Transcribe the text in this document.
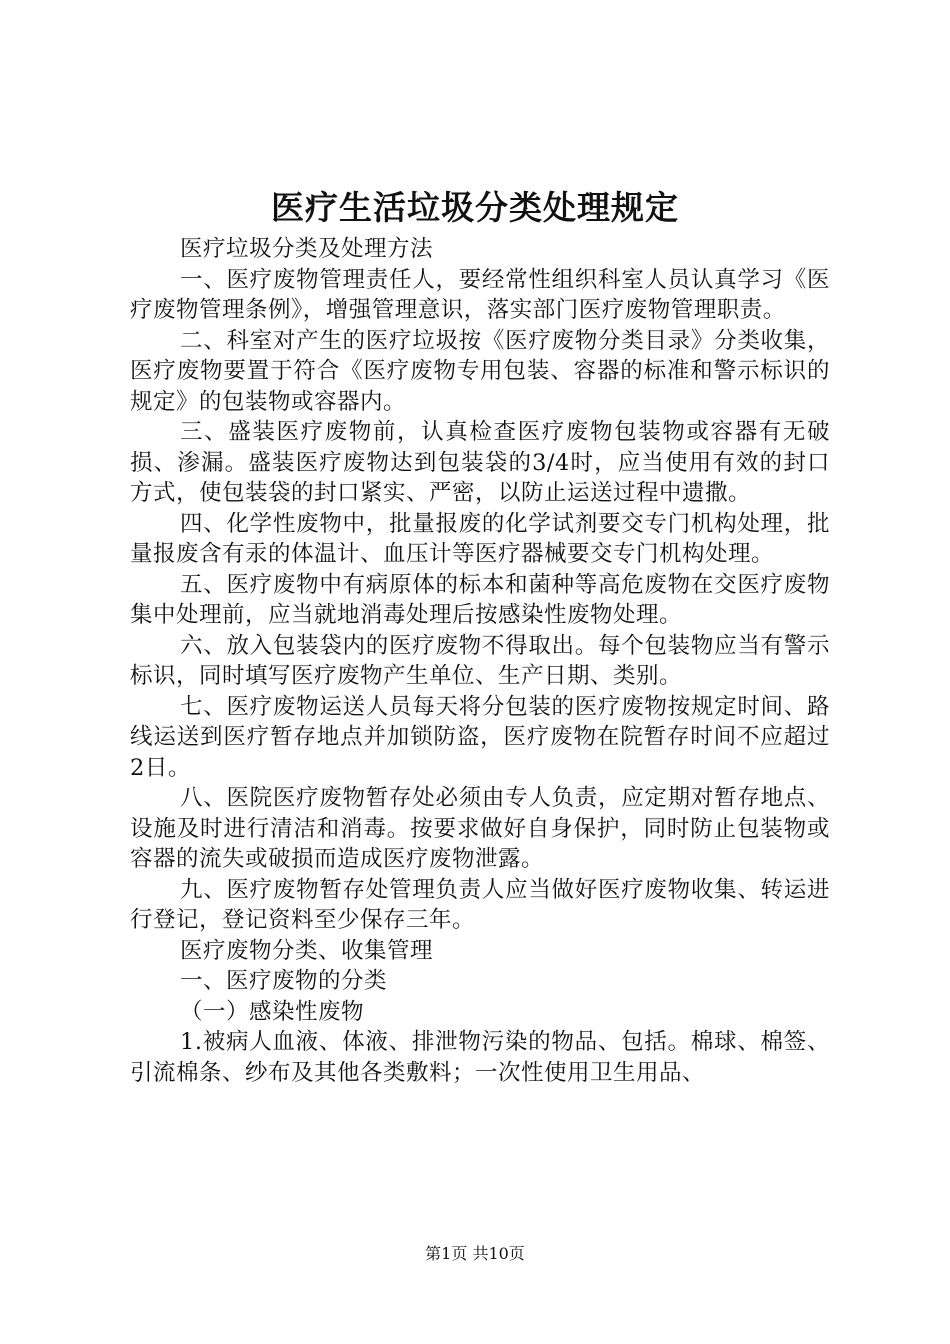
医疗生活垃圾分类处理规定

医疗垃圾分类及处理方法

一、医疗废物管理责任人，要经常性组织科室人员认真学习《医疗废物管理条例》，增强管理意识，落实部门医疗废物管理职责。

二、科室对产生的医疗垃圾按《医疗废物分类目录》分类收集，医疗废物要置于符合《医疗废物专用包装、容器的标准和警示标识的规定》的包装物或容器内。

三、盛装医疗废物前，认真检查医疗废物包装物或容器有无破损、渗漏。盛装医疗废物达到包装袋的3/4时，应当使用有效的封口方式，使包装袋的封口紧实、严密，以防止运送过程中遗撒。

四、化学性废物中，批量报废的化学试剂要交专门机构处理，批量报废含有汞的体温计、血压计等医疗器械要交专门机构处理。

五、医疗废物中有病原体的标本和菌种等高危废物在交医疗废物集中处理前，应当就地消毒处理后按感染性废物处理。

六、放入包装袋内的医疗废物不得取出。每个包装物应当有警示标识，同时填写医疗废物产生单位、生产日期、类别。

七、医疗废物运送人员每天将分包装的医疗废物按规定时间、路线运送到医疗暂存地点并加锁防盗，医疗废物在院暂存时间不应超过2日。

八、医院医疗废物暂存处必须由专人负责，应定期对暂存地点、设施及时进行清洁和消毒。按要求做好自身保护，同时防止包装物或容器的流失或破损而造成医疗废物泄露。

九、医疗废物暂存处管理负责人应当做好医疗废物收集、转运进行登记，登记资料至少保存三年。

医疗废物分类、收集管理

一、医疗废物的分类

（一）感染性废物

1.被病人血液、体液、排泄物污染的物品、包括。棉球、棉签、引流棉条、纱布及其他各类敷料；一次性使用卫生用品、

第1页 共10页
